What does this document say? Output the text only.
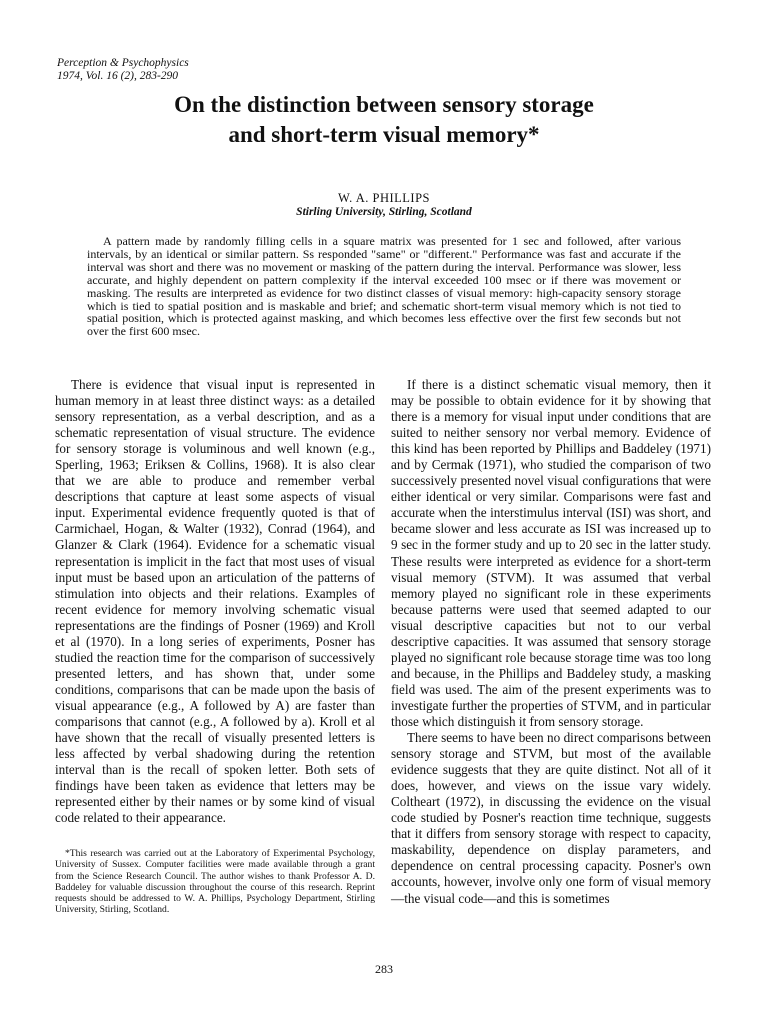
Perception & Psychophysics
1974, Vol. 16 (2), 283-290
On the distinction between sensory storage
and short-term visual memory*
W. A. PHILLIPS
Stirling University, Stirling, Scotland

A pattern made by randomly filling cells in a square matrix was presented for 1 sec and followed, after various intervals, by an identical or similar pattern. Ss responded "same" or "different." Performance was fast and accurate if the interval was short and there was no movement or masking of the pattern during the interval. Performance was slower, less accurate, and highly dependent on pattern complexity if the interval exceeded 100 msec or if there was movement or masking. The results are interpreted as evidence for two distinct classes of visual memory: high-capacity sensory storage which is tied to spatial position and is maskable and brief; and schematic short-term visual memory which is not tied to spatial position, which is protected against masking, and which becomes less effective over the first few seconds but not over the first 600 msec.

There is evidence that visual input is represented in human memory in at least three distinct ways: as a detailed sensory representation, as a verbal description, and as a schematic representation of visual structure. The evidence for sensory storage is voluminous and well known (e.g., Sperling, 1963; Eriksen & Collins, 1968). It is also clear that we are able to produce and remember verbal descriptions that capture at least some aspects of visual input. Experimental evidence frequently quoted is that of Carmichael, Hogan, & Walter (1932), Conrad (1964), and Glanzer & Clark (1964). Evidence for a schematic visual representation is implicit in the fact that most uses of visual input must be based upon an articulation of the patterns of stimulation into objects and their relations. Examples of recent evidence for memory involving schematic visual representations are the findings of Posner (1969) and Kroll et al (1970). In a long series of experiments, Posner has studied the reaction time for the comparison of successively presented letters, and has shown that, under some conditions, comparisons that can be made upon the basis of visual appearance (e.g., A followed by A) are faster than comparisons that cannot (e.g., A followed by a). Kroll et al have shown that the recall of visually presented letters is less affected by verbal shadowing during the retention interval than is the recall of spoken letter. Both sets of findings have been taken as evidence that letters may be represented either by their names or by some kind of visual code related to their appearance.

If there is a distinct schematic visual memory, then it may be possible to obtain evidence for it by showing that there is a memory for visual input under conditions that are suited to neither sensory nor verbal memory. Evidence of this kind has been reported by Phillips and Baddeley (1971) and by Cermak (1971), who studied the comparison of two successively presented novel visual configurations that were either identical or very similar. Comparisons were fast and accurate when the interstimulus interval (ISI) was short, and became slower and less accurate as ISI was increased up to 9 sec in the former study and up to 20 sec in the latter study. These results were interpreted as evidence for a short-term visual memory (STVM). It was assumed that verbal memory played no significant role in these experiments because patterns were used that seemed adapted to our visual descriptive capacities but not to our verbal descriptive capacities. It was assumed that sensory storage played no significant role because storage time was too long and because, in the Phillips and Baddeley study, a masking field was used. The aim of the present experiments was to investigate further the properties of STVM, and in particular those which distinguish it from sensory storage.

There seems to have been no direct comparisons between sensory storage and STVM, but most of the available evidence suggests that they are quite distinct. Not all of it does, however, and views on the issue vary widely. Coltheart (1972), in discussing the evidence on the visual code studied by Posner's reaction time technique, suggests that it differs from sensory storage with respect to capacity, maskability, dependence on display parameters, and dependence on central processing capacity. Posner's own accounts, however, involve only one form of visual memory—the visual code—and this is sometimes

*This research was carried out at the Laboratory of Experimental Psychology, University of Sussex. Computer facilities were made available through a grant from the Science Research Council. The author wishes to thank Professor A. D. Baddeley for valuable discussion throughout the course of this research. Reprint requests should be addressed to W. A. Phillips, Psychology Department, Stirling University, Stirling, Scotland.

283
